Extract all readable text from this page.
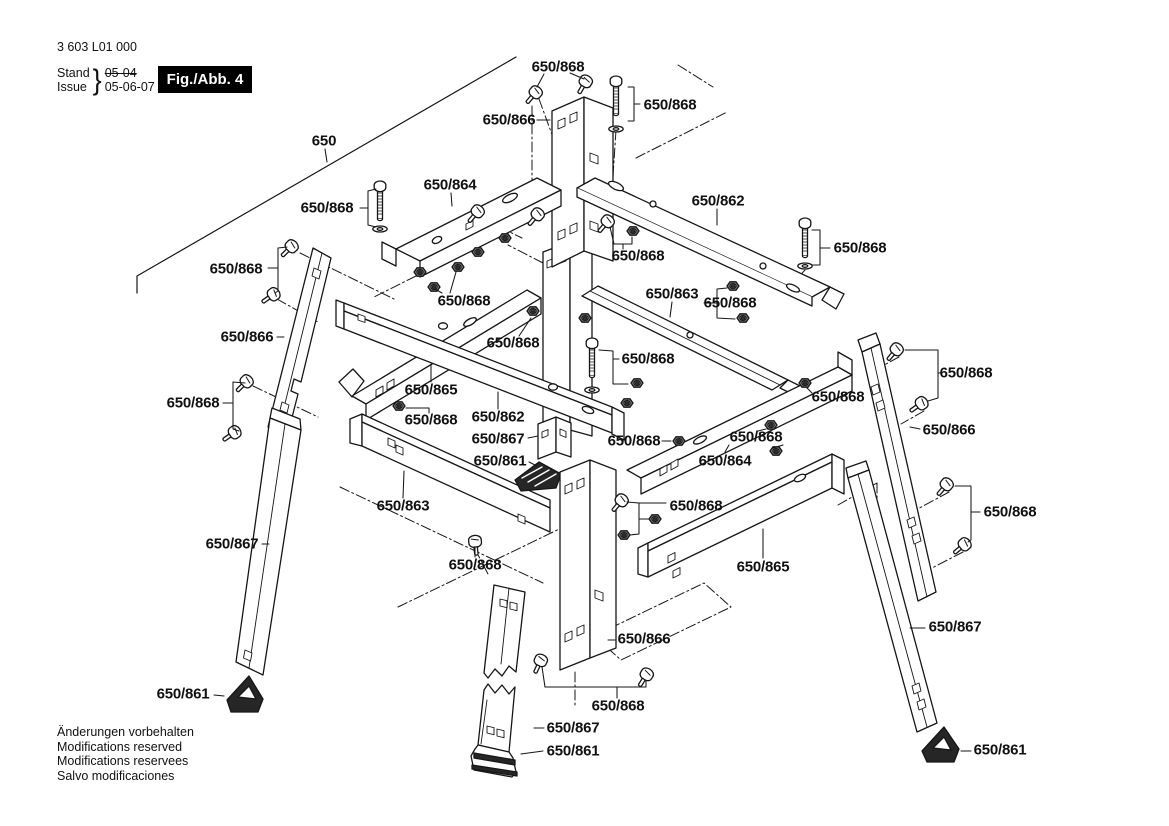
650/868
650/868
650/866
650
650/864
650/862
650/868
650/868
650/868
650/868
650/868	650/863
650/868
650/866	650/868
650/868
650/868
650/865
650/868	650/868
650/868 650/862
650/867	650/868	650/868	650/866
650/861	650/864
650/863	650/868	650/868
650/867
650/868	650/865
650/866
650/867
650/861
650/868
650/867
650/861	650/861
3 603 L01 000
Stand
Issue } 05-04
05-06-07 Fig./Abb. 4
Änderungen vorbehalten
Modifications reserved
Modifications reservees
Salvo modificaciones
